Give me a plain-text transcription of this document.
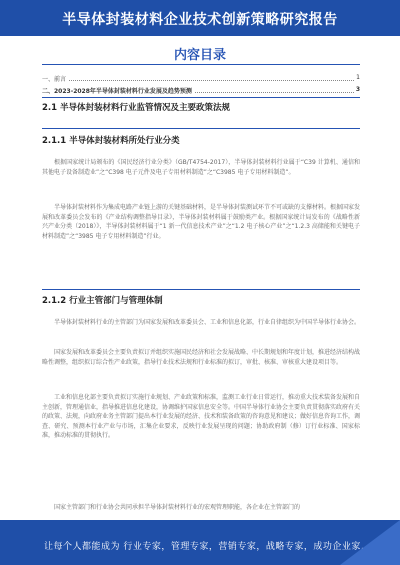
半导体封装材料企业技术创新策略研究报告
内容目录
一、前言	1
二、2023-2028年半导体封装材料行业发展及趋势预测	3
2.1 半导体封装材料行业监管情况及主要政策法规
2.1.1 半导体封装材料所处行业分类
根据国家统计局颁布的《国民经济行业分类》（GB/T4754-2017），半导体封装材料行业属于“C39 计算机、通信和其他电子设备制造业”之“C398 电子元件及电子专用材料制造”之“C3985 电子专用材料制造”。
半导体封装材料作为集成电路产业链上游的关键基础材料，是半导体封装测试环节不可或缺的支撑材料。根据国家发展和改革委员会发布的《产业结构调整指导目录》，半导体封装材料属于鼓励类产业。根据国家统计局发布的《战略性新兴产业分类（2018）》，半导体封装材料属于“1 新一代信息技术产业”之“1.2 电子核心产业”之“1.2.3 高储能和关键电子材料制造”之“3985 电子专用材料制造”行业。
2.1.2 行业主管部门与管理体制
半导体封装材料行业的主管部门为国家发展和改革委员会、工业和信息化部，行业自律组织为中国半导体行业协会。
国家发展和改革委员会主要负责拟订并组织实施国民经济和社会发展战略、中长期规划和年度计划，推进经济结构战略性调整，组织拟订综合性产业政策，指导行业技术法规和行业标准的拟订，审批、核准、审核重大建设项目等。
工业和信息化部主要负责拟订实施行业规划、产业政策和标准，监测工业行业日常运行，推动重大技术装备发展和自主创新，管理通信业，指导推进信息化建设，协调维护国家信息安全等。中国半导体行业协会主要负责贯彻落实政府有关的政策、法规，向政府业务主管部门提出本行业发展的经济、技术和装备政策的咨询意见和建议；做好信息咨询工作，调查、研究、预测本行业产业与市场，汇集企业要求，反映行业发展呈现的问题；协助政府制（修）订行业标准、国家标准，推动标准的贯彻执行。
国家主管部门和行业协会共同承担半导体封装材料行业的宏观管理职能，各企业在主管部门的
让每个人都能成为 行业专家，管理专家，营销专家，战略专家，成功企业家……
